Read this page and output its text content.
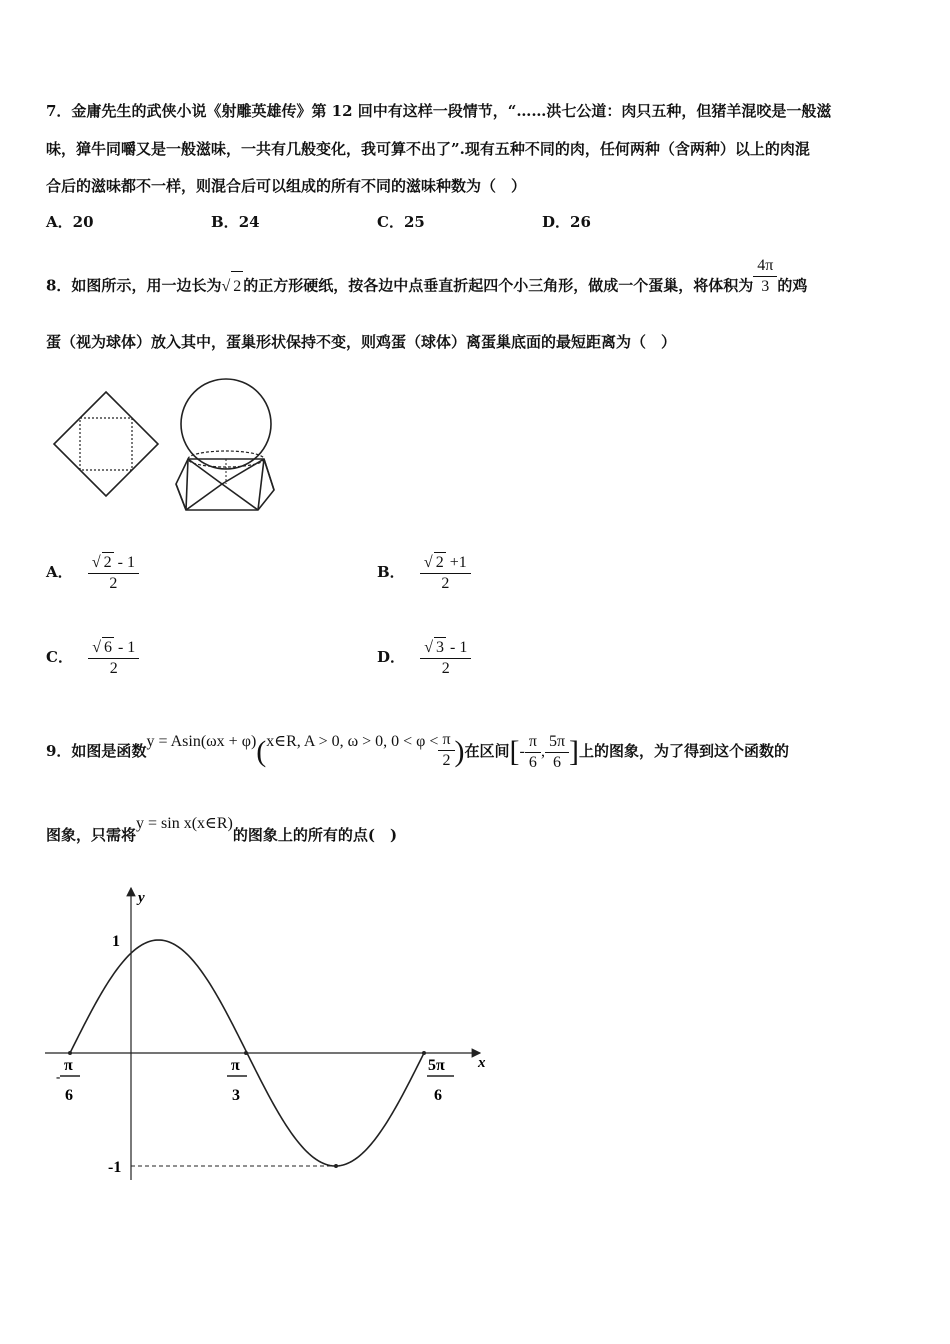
7．金庸先生的武侠小说《射雕英雄传》第 12 回中有这样一段情节，“……洪七公道：肉只五种，但猪羊混咬是一般滋
味，獐牛同嚼又是一般滋味，一共有几般变化，我可算不出了”.现有五种不同的肉，任何两种（含两种）以上的肉混
合后的滋味都不一样，则混合后可以组成的所有不同的滋味种数为（　）
A．20	B．24	C．25	D．26
8．如图所示，用一边长为√ 2 的正方形硬纸，按各边中点垂直折起四个小三角形，做成一个蛋巢，将体积为 $\frac{4\pi}{3}$ 的鸡
蛋（视为球体）放入其中，蛋巢形状保持不变，则鸡蛋（球体）离蛋巢底面的最短距离为（　）
A． $\frac{√ 2 - 1}{2}$	B． $\frac{√ 2 +1}{2}$
C． $\frac{√ 6 - 1}{2}$	D． $\frac{√ 3 - 1}{2}$
9．如图是函数y = Asin(ωx + φ)(x∈R, A > 0, ω > 0, $0 < \varphi < \frac{\pi}{2}$ )在区间[- $\frac{\pi}{6}$ , $\frac{5\pi}{6}$ ]上的图象，为了得到这个函数的
图象，只需将y = sin x(x∈R)的图象上的所有的点(　)
x
y
1
-1
-
π
6
π
3
5π
6
